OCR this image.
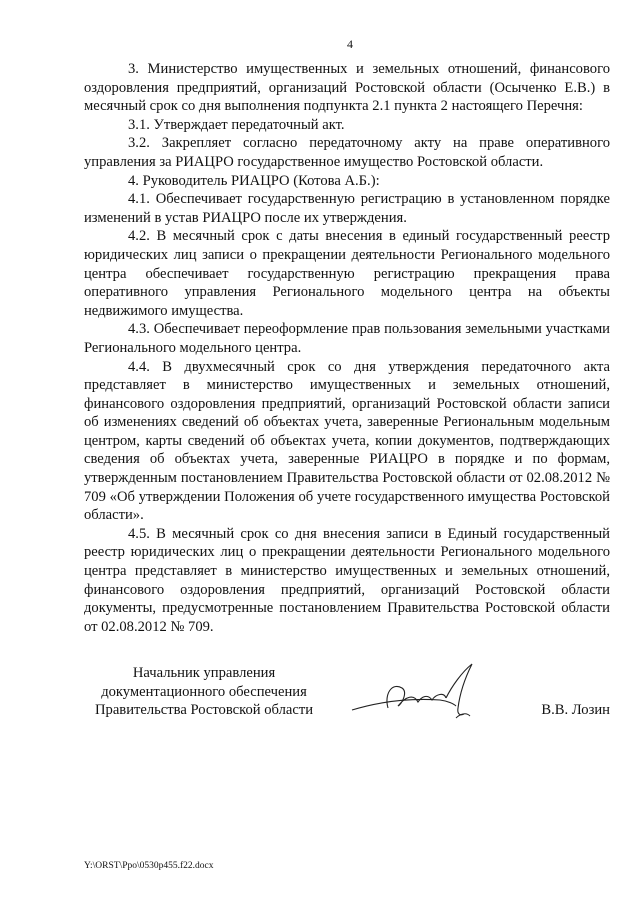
4

3. Министерство имущественных и земельных отношений, финансового оздоровления предприятий, организаций Ростовской области (Осыченко Е.В.) в месячный срок со дня выполнения подпункта 2.1 пункта 2 настоящего Перечня:

3.1. Утверждает передаточный акт.

3.2. Закрепляет согласно передаточному акту на праве оперативного управления за РИАЦРО государственное имущество Ростовской области.

4. Руководитель РИАЦРО (Котова А.Б.):

4.1. Обеспечивает государственную регистрацию в установленном порядке изменений в устав РИАЦРО после их утверждения.

4.2. В месячный срок с даты внесения в единый государственный реестр юридических лиц записи о прекращении деятельности Регионального модельного центра обеспечивает государственную регистрацию прекращения права оперативного управления Регионального модельного центра на объекты недвижимого имущества.

4.3. Обеспечивает переоформление прав пользования земельными участками Регионального модельного центра.

4.4. В двухмесячный срок со дня утверждения передаточного акта представляет в министерство имущественных и земельных отношений, финансового оздоровления предприятий, организаций Ростовской области записи об изменениях сведений об объектах учета, заверенные Региональным модельным центром, карты сведений об объектах учета, копии документов, подтверждающих сведения об объектах учета, заверенные РИАЦРО в порядке и по формам, утвержденным постановлением Правительства Ростовской области от 02.08.2012 № 709 «Об утверждении Положения об учете государственного имущества Ростовской области».

4.5. В месячный срок со дня внесения записи в Единый государственный реестр юридических лиц о прекращении деятельности Регионального модельного центра представляет в министерство имущественных и земельных отношений, финансового оздоровления предприятий, организаций Ростовской области документы, предусмотренные постановлением Правительства Ростовской области от 02.08.2012 № 709.

Начальник управления
документационного обеспечения
Правительства Ростовской области	В.В. Лозин
Y:\ORST\Ppo\0530p455.f22.docx
